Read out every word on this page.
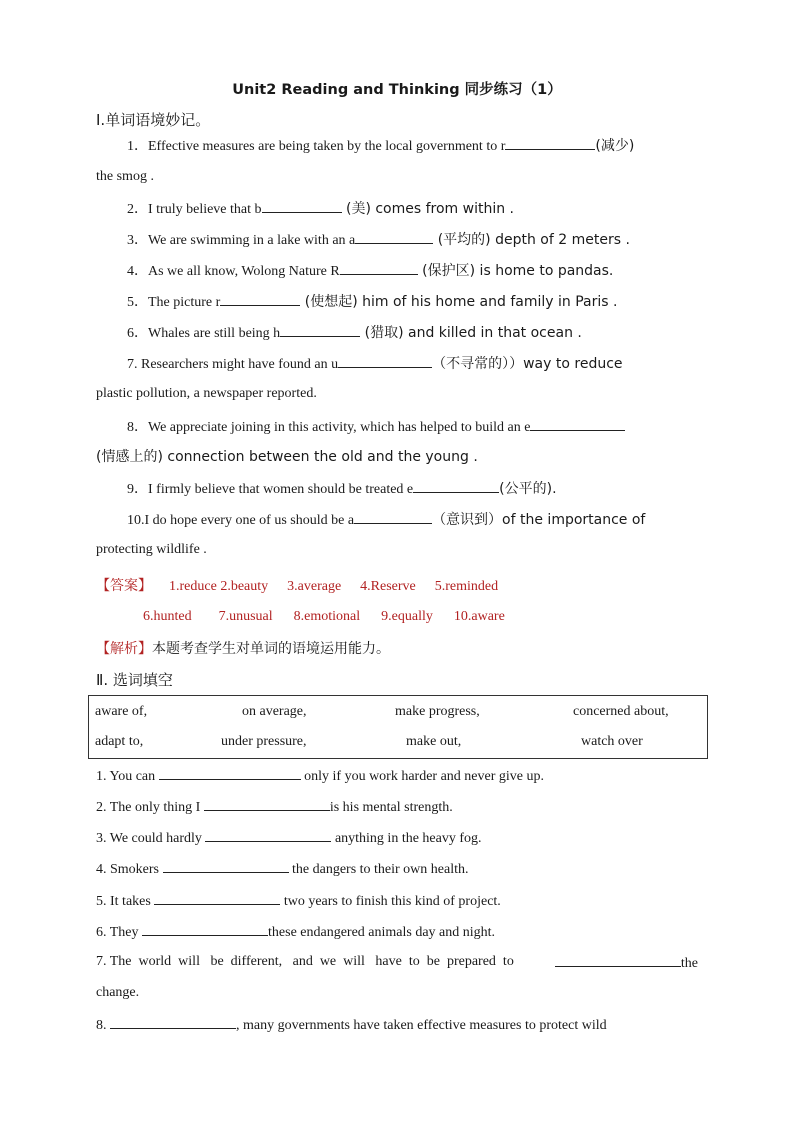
Unit2 Reading and Thinking 同步练习（1）
Ⅰ.单词语境妙记。
1．Effective measures are being taken by the local government to r	(减少)
the smog .
2．I truly believe that b	(美) comes from within .
3．We are swimming in a lake with an a	(平均的) depth of 2 meters .
4．As we all know, Wolong Nature R	(保护区) is home to pandas.
5．The picture r	(使想起) him of his home and family in Paris .
6．Whales are still being h	(猎取) and killed in that ocean .
7. Researchers might have found an u	（不寻常的））way to reduce
plastic pollution, a newspaper reported.
8．We appreciate joining in this activity, which has helped to build an e
(情感上的) connection between the old and the young .
9．I firmly believe that women should be treated e	(公平的).
10.I do hope every one of us should be a	（意识到）of the importance of
protecting wildlife .
【答案】 1.reduce 2.beauty 3.average 4.Reserve 5.reminded
6.hunted 7.unusual 8.emotional 9.equally 10.aware
【解析】本题考查学生对单词的语境运用能力。
Ⅱ. 选词填空
aware of,	on average,	make progress,	concerned about,
adapt to,	under pressure,	make out,	watch over
1. You can	only if you work harder and never give up.
2. The only thing I	is his mental strength.
3. We could hardly	anything in the heavy fog.
4. Smokers	the dangers to their own health.
5. It takes	two years to finish this kind of project.
6. They	these endangered animals day and night.
7. The  world  will   be  different,   and  we  will   have  to  be  prepared  to	the
change.
8.	, many governments have taken effective measures to protect wild
